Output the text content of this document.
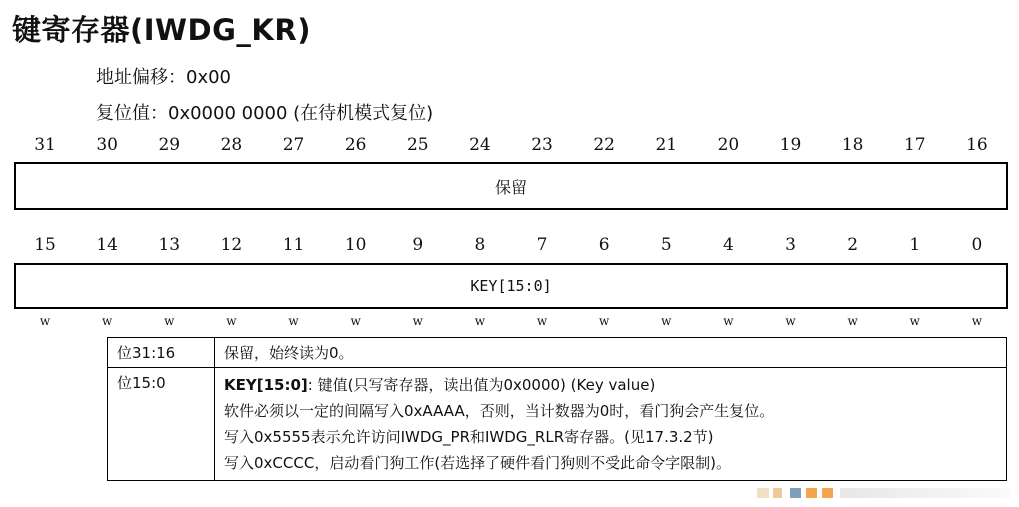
键寄存器(IWDG_KR)
地址偏移：0x00
复位值：0x0000 0000 (在待机模式复位)
31	30	29	28	27	26	25	24	23	22	21	20	19	18	17	16
保留
15	14	13	12	11	10	9	8	7	6	5	4	3	2	1	0
KEY[15:0]
w	w	w	w	w	w	w	w	w	w	w	w	w	w	w	w
位31:16	保留，始终读为0。
位15:0	KEY[15:0]: 键值(只写寄存器，读出值为0x0000) (Key value)
软件必须以一定的间隔写入0xAAAA，否则，当计数器为0时，看门狗会产生复位。
写入0x5555表示允许访问IWDG_PR和IWDG_RLR寄存器。(见17.3.2节)
写入0xCCCC，启动看门狗工作(若选择了硬件看门狗则不受此命令字限制)。
